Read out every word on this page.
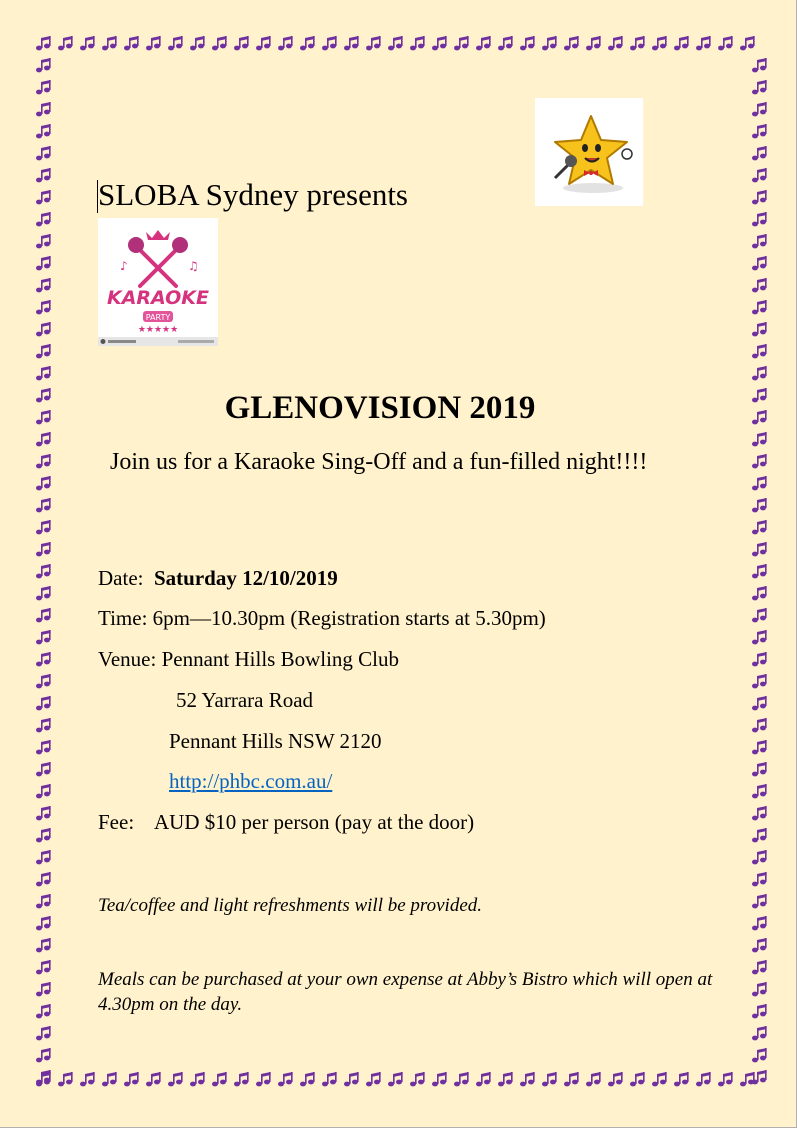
SLOBA Sydney presents
♪	♫
KARAOKE
PARTY
★★★★★
GLENOVISION 2019
Join us for a Karaoke Sing-Off and a fun-filled night!!!!
Date: Saturday 12/10/2019
Time: 6pm—10.30pm (Registration starts at 5.30pm)
Venue: Pennant Hills Bowling Club
52 Yarrara Road
Pennant Hills NSW 2120
http://phbc.com.au/
Fee: AUD $10 per person (pay at the door)
Tea/coffee and light refreshments will be provided.
Meals can be purchased at your own expense at Abby’s Bistro which will open at 4.30pm on the day.
